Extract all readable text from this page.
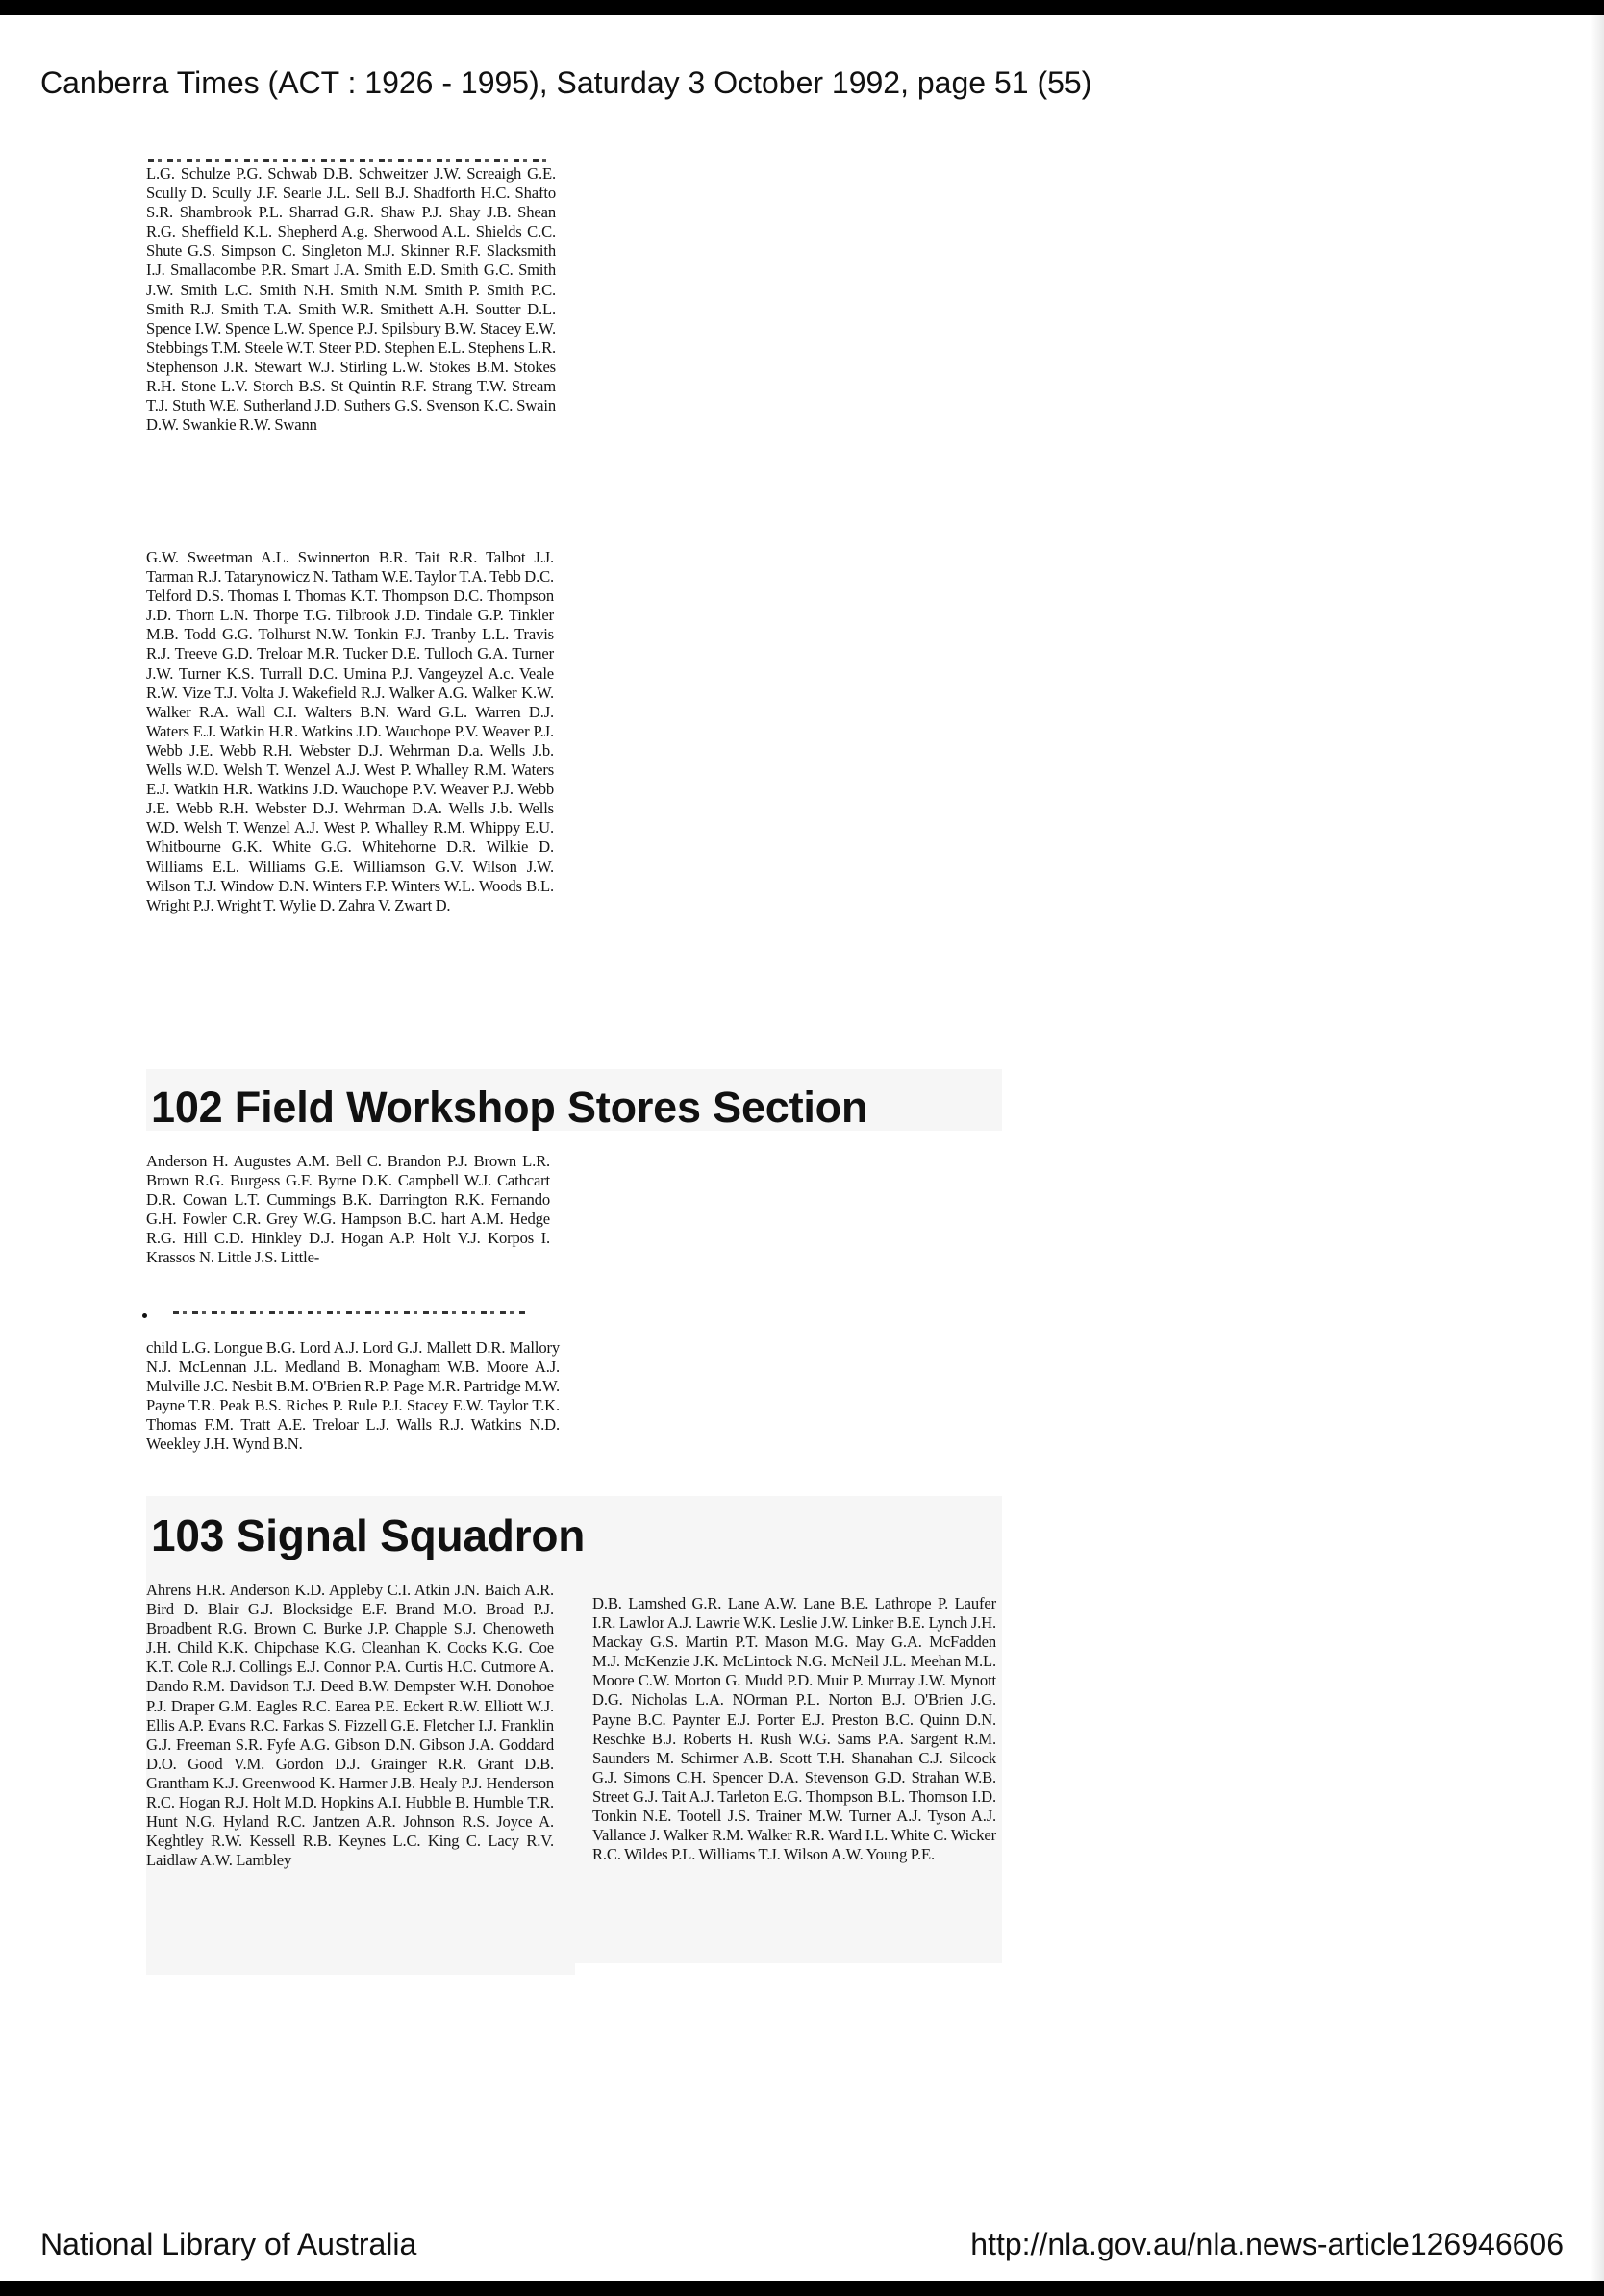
Canberra Times (ACT : 1926 - 1995), Saturday 3 October 1992, page 51 (55)
L.G. Schulze P.G. Schwab D.B. Schweitzer J.W. Screaigh G.E. Scully D. Scully J.F. Searle J.L. Sell B.J. Shadforth H.C. Shafto S.R. Shambrook P.L. Sharrad G.R. Shaw P.J. Shay J.B. Shean R.G. Sheffield K.L. Shepherd A.g. Sherwood A.L. Shields C.C. Shute G.S. Simpson C. Singleton M.J. Skinner R.F. Slacksmith I.J. Smallacombe P.R. Smart J.A. Smith E.D. Smith G.C. Smith J.W. Smith L.C. Smith N.H. Smith N.M. Smith P. Smith P.C. Smith R.J. Smith T.A. Smith W.R. Smithett A.H. Soutter D.L. Spence I.W. Spence L.W. Spence P.J. Spilsbury B.W. Stacey E.W. Stebbings T.M. Steele W.T. Steer P.D. Stephen E.L. Stephens L.R. Stephenson J.R. Stewart W.J. Stirling L.W. Stokes B.M. Stokes R.H. Stone L.V. Storch B.S. St Quintin R.F. Strang T.W. Stream T.J. Stuth W.E. Sutherland J.D. Suthers G.S. Svenson K.C. Swain D.W. Swankie R.W. Swann
G.W. Sweetman A.L. Swinnerton B.R. Tait R.R. Talbot J.J. Tarman R.J. Tatarynowicz N. Tatham W.E. Taylor T.A. Tebb D.C. Telford D.S. Thomas I. Thomas K.T. Thompson D.C. Thompson J.D. Thorn L.N. Thorpe T.G. Tilbrook J.D. Tindale G.P. Tinkler M.B. Todd G.G. Tolhurst N.W. Tonkin F.J. Tranby L.L. Travis R.J. Treeve G.D. Treloar M.R. Tucker D.E. Tulloch G.A. Turner J.W. Turner K.S. Turrall D.C. Umina P.J. Vangeyzel A.c. Veale R.W. Vize T.J. Volta J. Wakefield R.J. Walker A.G. Walker K.W. Walker R.A. Wall C.I. Walters B.N. Ward G.L. Warren D.J. Waters E.J. Watkin H.R. Watkins J.D. Wauchope P.V. Weaver P.J. Webb J.E. Webb R.H. Webster D.J. Wehrman D.a. Wells J.b. Wells W.D. Welsh T. Wenzel A.J. West P. Whalley R.M. Waters E.J. Watkin H.R. Watkins J.D. Wauchope P.V. Weaver P.J. Webb J.E. Webb R.H. Webster D.J. Wehrman D.A. Wells J.b. Wells W.D. Welsh T. Wenzel A.J. West P. Whalley R.M. Whippy E.U. Whitbourne G.K. White G.G. Whitehorne D.R. Wilkie D. Williams E.L. Williams G.E. Williamson G.V. Wilson J.W. Wilson T.J. Window D.N. Winters F.P. Winters W.L. Woods B.L. Wright P.J. Wright T. Wylie D. Zahra V. Zwart D.
102 Field Workshop Stores Section
Anderson H. Augustes A.M. Bell C. Brandon P.J. Brown L.R. Brown R.G. Burgess G.F. Byrne D.K. Campbell W.J. Cathcart D.R. Cowan L.T. Cummings B.K. Darrington R.K. Fernando G.H. Fowler C.R. Grey W.G. Hampson B.C. hart A.M. Hedge R.G. Hill C.D. Hinkley D.J. Hogan A.P. Holt V.J. Korpos I. Krassos N. Little J.S. Little-
child L.G. Longue B.G. Lord A.J. Lord G.J. Mallett D.R. Mallory N.J. McLennan J.L. Medland B. Monagham W.B. Moore A.J. Mulville J.C. Nesbit B.M. O'Brien R.P. Page M.R. Partridge M.W. Payne T.R. Peak B.S. Riches P. Rule P.J. Stacey E.W. Taylor T.K. Thomas F.M. Tratt A.E. Treloar L.J. Walls R.J. Watkins N.D. Weekley J.H. Wynd B.N.
103 Signal Squadron
Ahrens H.R. Anderson K.D. Appleby C.I. Atkin J.N. Baich A.R. Bird D. Blair G.J. Blocksidge E.F. Brand M.O. Broad P.J. Broadbent R.G. Brown C. Burke J.P. Chapple S.J. Chenoweth J.H. Child K.K. Chipchase K.G. Cleanhan K. Cocks K.G. Coe K.T. Cole R.J. Collings E.J. Connor P.A. Curtis H.C. Cutmore A. Dando R.M. Davidson T.J. Deed B.W. Dempster W.H. Donohoe P.J. Draper G.M. Eagles R.C. Earea P.E. Eckert R.W. Elliott W.J. Ellis A.P. Evans R.C. Farkas S. Fizzell G.E. Fletcher I.J. Franklin G.J. Freeman S.R. Fyfe A.G. Gibson D.N. Gibson J.A. Goddard D.O. Good V.M. Gordon D.J. Grainger R.R. Grant D.B. Grantham K.J. Greenwood K. Harmer J.B. Healy P.J. Henderson R.C. Hogan R.J. Holt M.D. Hopkins A.I. Hubble B. Humble T.R. Hunt N.G. Hyland R.C. Jantzen A.R. Johnson R.S. Joyce A. Keghtley R.W. Kessell R.B. Keynes L.C. King C. Lacy R.V. Laidlaw A.W. Lambley
D.B. Lamshed G.R. Lane A.W. Lane B.E. Lathrope P. Laufer I.R. Lawlor A.J. Lawrie W.K. Leslie J.W. Linker B.E. Lynch J.H. Mackay G.S. Martin P.T. Mason M.G. May G.A. McFadden M.J. McKenzie J.K. McLintock N.G. McNeil J.L. Meehan M.L. Moore C.W. Morton G. Mudd P.D. Muir P. Murray J.W. Mynott D.G. Nicholas L.A. NOrman P.L. Norton B.J. O'Brien J.G. Payne B.C. Paynter E.J. Porter E.J. Preston B.C. Quinn D.N. Reschke B.J. Roberts H. Rush W.G. Sams P.A. Sargent R.M. Saunders M. Schirmer A.B. Scott T.H. Shanahan C.J. Silcock G.J. Simons C.H. Spencer D.A. Stevenson G.D. Strahan W.B. Street G.J. Tait A.J. Tarleton E.G. Thompson B.L. Thomson I.D. Tonkin N.E. Tootell J.S. Trainer M.W. Turner A.J. Tyson A.J. Vallance J. Walker R.M. Walker R.R. Ward I.L. White C. Wicker R.C. Wildes P.L. Williams T.J. Wilson A.W. Young P.E.
National Library of Australia	http://nla.gov.au/nla.news-article126946606
